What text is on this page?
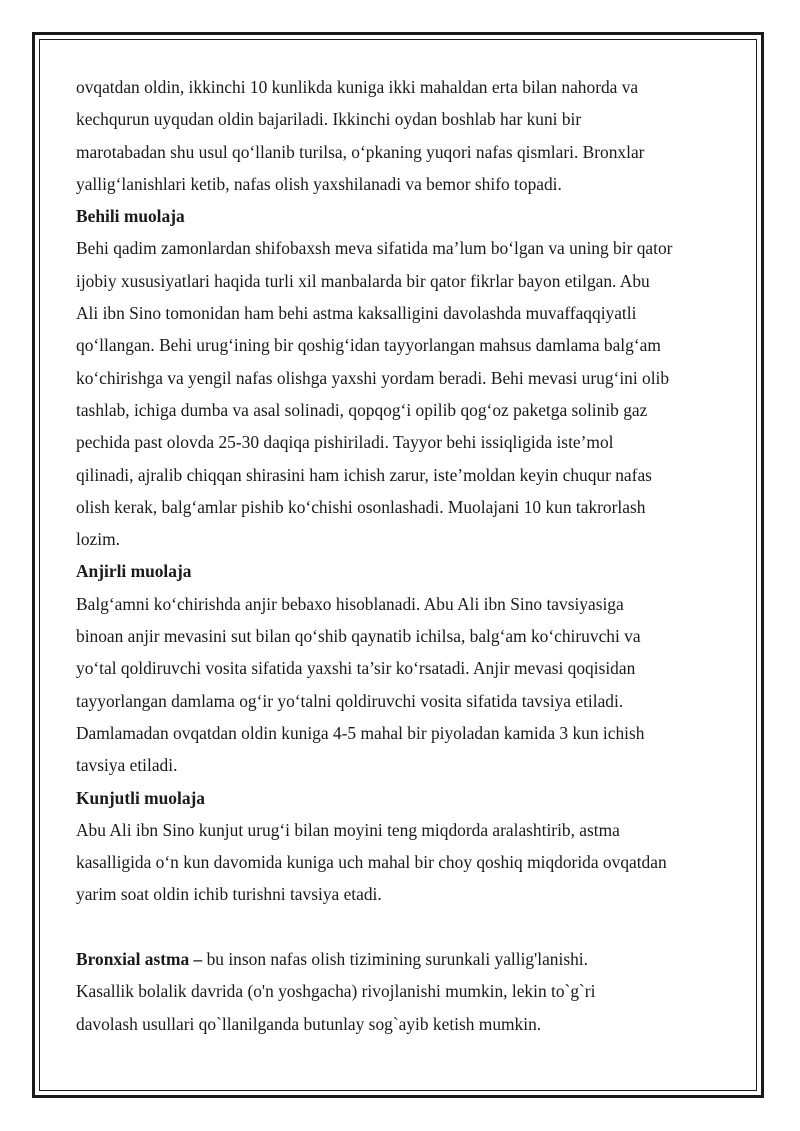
ovqatdan oldin, ikkinchi 10 kunlikda kuniga ikki mahaldan erta bilan nahorda va
kechqurun uyqudan oldin bajariladi. Ikkinchi oydan boshlab har kuni bir
marotabadan shu usul qo‘llanib turilsa, o‘pkaning yuqori nafas qismlari. Bronxlar
yallig‘lanishlari ketib, nafas olish yaxshilanadi va bemor shifo topadi.

Behili muolaja

Behi qadim zamonlardan shifobaxsh meva sifatida ma’lum bo‘lgan va uning bir qator
ijobiy xususiyatlari haqida turli xil manbalarda bir qator fikrlar bayon etilgan. Abu
Ali ibn Sino tomonidan ham behi astma kaksalligini davolashda muvaffaqqiyatli
qo‘llangan. Behi urug‘ining bir qoshig‘idan tayyorlangan mahsus damlama balg‘am
ko‘chirishga va yengil nafas olishga yaxshi yordam beradi. Behi mevasi urug‘ini olib
tashlab, ichiga dumba va asal solinadi, qopqog‘i opilib qog‘oz paketga solinib gaz
pechida past olovda 25-30 daqiqa pishiriladi. Tayyor behi issiqligida iste’mol
qilinadi, ajralib chiqqan shirasini ham ichish zarur, iste’moldan keyin chuqur nafas
olish kerak, balg‘amlar pishib ko‘chishi osonlashadi. Muolajani 10 kun takrorlash
lozim.

Anjirli muolaja

Balg‘amni ko‘chirishda anjir bebaxo hisoblanadi. Abu Ali ibn Sino tavsiyasiga
binoan anjir mevasini sut bilan qo‘shib qaynatib ichilsa, balg‘am ko‘chiruvchi va
yo‘tal qoldiruvchi vosita sifatida yaxshi ta’sir ko‘rsatadi. Anjir mevasi qoqisidan
tayyorlangan damlama og‘ir yo‘talni qoldiruvchi vosita sifatida tavsiya etiladi.
Damlamadan ovqatdan oldin kuniga 4-5 mahal bir piyoladan kamida 3 kun ichish
tavsiya etiladi.

Kunjutli muolaja

Abu Ali ibn Sino kunjut urug‘i bilan moyini teng miqdorda aralashtirib, astma
kasalligida o‘n kun davomida kuniga uch mahal bir choy qoshiq miqdorida ovqatdan
yarim soat oldin ichib turishni tavsiya etadi.

Bronxial astma – bu inson nafas olish tizimining surunkali yallig'lanishi.
Kasallik bolalik davrida (o'n yoshgacha) rivojlanishi mumkin, lekin to`g`ri
davolash usullari qo`llanilganda butunlay sog`ayib ketish mumkin.
